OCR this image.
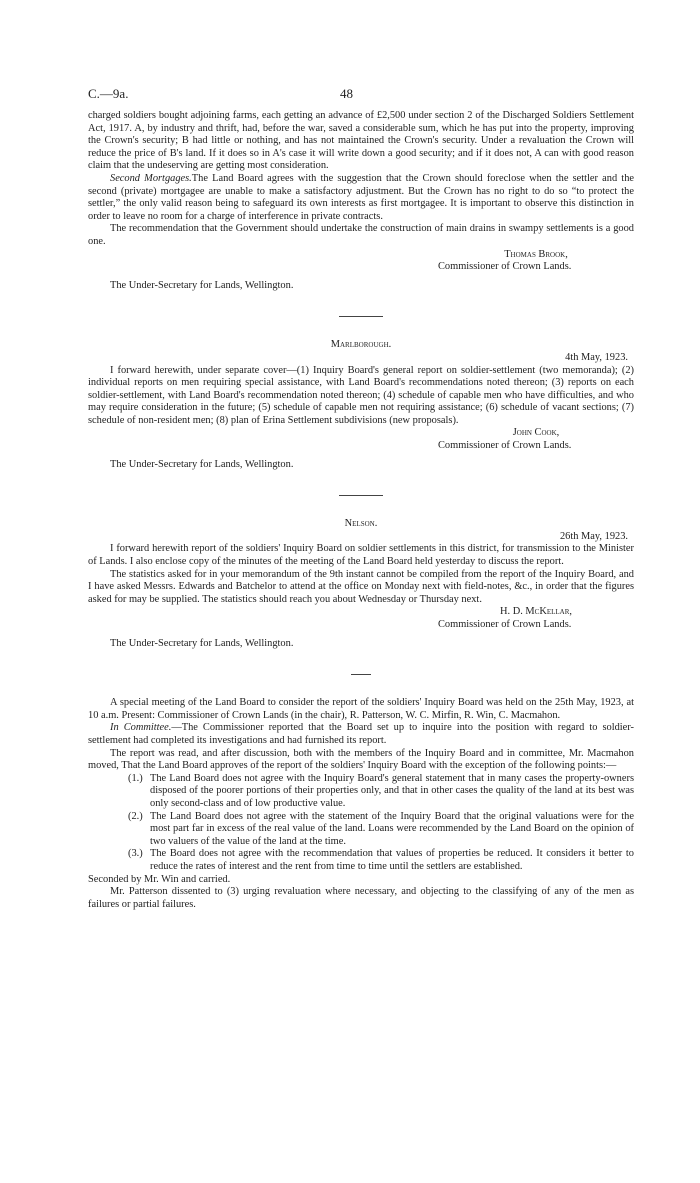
C.—9a.	48

charged soldiers bought adjoining farms, each getting an advance of £2,500 under section 2 of the Discharged Soldiers Settlement Act, 1917. A, by industry and thrift, had, before the war, saved a considerable sum, which he has put into the property, improving the Crown's security; B had little or nothing, and has not maintained the Crown's security. Under a revaluation the Crown will reduce the price of B's land. If it does so in A's case it will write down a good security; and if it does not, A can with good reason claim that the undeserving are getting most consideration.

Second Mortgages.The Land Board agrees with the suggestion that the Crown should foreclose when the settler and the second (private) mortgagee are unable to make a satisfactory adjustment. But the Crown has no right to do so “to protect the settler,” the only valid reason being to safeguard its own interests as first mortgagee. It is important to observe this distinction in order to leave no room for a charge of interference in private contracts.

The recommendation that the Government should undertake the construction of main drains in swampy settlements is a good one.

Thomas Brook,
Commissioner of Crown Lands.
The Under-Secretary for Lands, Wellington.
Marlborough.
4th May, 1923.

I forward herewith, under separate cover—(1) Inquiry Board's general report on soldier-settlement (two memoranda); (2) individual reports on men requiring special assistance, with Land Board's recommendations noted thereon; (3) reports on each soldier-settlement, with Land Board's recommendation noted thereon; (4) schedule of capable men who have difficulties, and who may require consideration in the future; (5) schedule of capable men not requiring assistance; (6) schedule of vacant sections; (7) schedule of non-resident men; (8) plan of Erina Settlement subdivisions (new proposals).

John Cook,
Commissioner of Crown Lands.
The Under-Secretary for Lands, Wellington.
Nelson.
26th May, 1923.

I forward herewith report of the soldiers' Inquiry Board on soldier settlements in this district, for transmission to the Minister of Lands. I also enclose copy of the minutes of the meeting of the Land Board held yesterday to discuss the report.

The statistics asked for in your memorandum of the 9th instant cannot be compiled from the report of the Inquiry Board, and I have asked Messrs. Edwards and Batchelor to attend at the office on Monday next with field-notes, &c., in order that the figures asked for may be supplied. The statistics should reach you about Wednesday or Thursday next.

H. D. McKellar,
Commissioner of Crown Lands.
The Under-Secretary for Lands, Wellington.

A special meeting of the Land Board to consider the report of the soldiers' Inquiry Board was held on the 25th May, 1923, at 10 a.m. Present: Commissioner of Crown Lands (in the chair), R. Patterson, W. C. Mirfin, R. Win, C. Macmahon.

In Committee.—The Commissioner reported that the Board set up to inquire into the position with regard to soldier-settlement had completed its investigations and had furnished its report.

The report was read, and after discussion, both with the members of the Inquiry Board and in committee, Mr. Macmahon moved, That the Land Board approves of the report of the soldiers' Inquiry Board with the exception of the following points:—

(1.) The Land Board does not agree with the Inquiry Board's general statement that in many cases the property-owners disposed of the poorer portions of their properties only, and that in other cases the quality of the land at its best was only second-class and of low productive value.
(2.) The Land Board does not agree with the statement of the Inquiry Board that the original valuations were for the most part far in excess of the real value of the land. Loans were recommended by the Land Board on the opinion of two valuers of the value of the land at the time.
(3.) The Board does not agree with the recommendation that values of properties be reduced. It considers it better to reduce the rates of interest and the rent from time to time until the settlers are established.

Seconded by Mr. Win and carried.

Mr. Patterson dissented to (3) urging revaluation where necessary, and objecting to the classifying of any of the men as failures or partial failures.
